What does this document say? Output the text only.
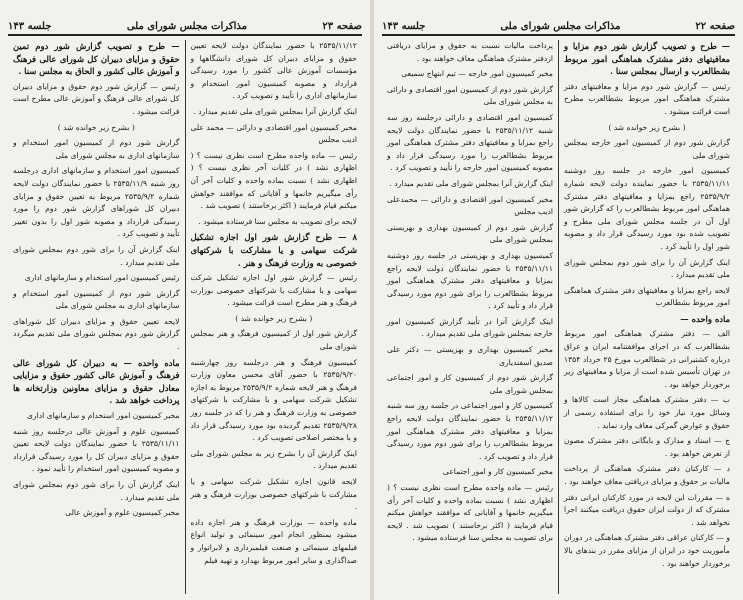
صفحه ۲۳
مذاکرات مجلس شورای ملی
جلسه ۱۴۳

۲۵۳۵/۱۱/۱۲ با حضور نمایندگان دولت لایحه تعیین حقوق و مزایای دبیران کل شورای دانشگاهها و مؤسسات آموزش عالی کشور را مورد رسیدگی قرارداد و مصوبه کمیسیون امور استخدام و سازمانهای اداری را تأیید و تصویب کرد .

اینک گزارش آنرا بمجلس شورای ملی تقدیم میدارد .

مخبر کمیسیون امور اقتصادی و دارائی — محمد علی ادیب مجلس

رئیس — ماده واحده مطرح است نظری نیست ؟ ( اظهاری نشد ) در کلیات آخر نظری نیست ؟ ( اظهاری نشد ) نسبت بماده واحده و کلیات آخر آن رأی میگیریم خانمها و آقایانی که موافقند خواهش میکنم قیام فرمایند ( اکثر برخاستند ) تصویب شد .

لایحه برای تصویب به مجلس سنا فرستاده میشود .

۸ — طرح گزارش شور اول اجازه تشکیل شرکت سهامی و یا مشارکت با شرکتهای خصوصی به وزارت فرهنگ و هنر .

رئیس — گزارش شور اول اجازه تشکیل شرکت سهامی و یا مشارکت با شرکتهای خصوصی بوزارت فرهنگ و هنر مطرح است قرائت میشود .

( بشرح زیر خوانده شد )

گزارش شور اول از کمیسیون فرهنگ و هنر بمجلس شورای ملی

کمیسیون فرهنگ و هنر درجلسه روز چهارشنبه ۲۵۳۵/۹/۲۰ با حضور آقای محسن معاون وزارت فرهنگ و هنر لایحه شماره ۲۵۳۵/۹/۲ مربوط به اجازه تشکیل شرکت سهامی و یا مشارکت با شرکتهای خصوصی به وزارت فرهنگ و هنر را که در جلسه روز ۲۵۳۵/۹/۲۸ تقدیم گردیده بود مورد رسیدگی قرار داد و با مختصر اصلاحی تصویب کرد .

اینک گزارش آن را بشرح زیر به مجلس شورای ملی تقدیم میدارد .

لایحه قانون اجازه تشکیل شرکت سهامی و یا مشارکت با شرکتهای خصوصی بوزارت فرهنگ و هنر .

ماده واحده — بوزارت فرهنگ و هنر اجازه داده میشود بمنظور انجام امور سینمائی و تولید انواع فیلمهای سینمائی و صنعت فیلمبرداری و لابراتوار و صداگذاری و سایر امور مربوط بهدارد و تهیه فیلم

— طرح و تصویب گزارش شور دوم تمین حقوق و مزایای دبیران کل شورای عالی فرهنگ و آموزش عالی کشور و الحاق به مجلس سنا .

رئیس — گزارش شور دوم حقوق و مزایای دبیران کل شورای عالی فرهنگ و آموزش عالی مطرح است قرائت میشود .

( بشرح زیر خوانده شد )

گزارش شور دوم از کمیسیون امور استخدام و سازمانهای اداری به مجلس شورای ملی

کمیسیون امور استخدام و سازمانهای اداری درجلسه روز شنبه ۲۵۳۵/۱۱/۹ با حضور نمایندگان دولت لایحه شماره ۲۵۳۵/۹/۲ مربوط به تعیین حقوق و مزایای دبیران کل شوراهای گزارش شور دوم را مورد رسیدگی قرارداد و مصوبه شور اول را بدون تغییر تأیید و تصویب کرد .

اینک گزارش آن را برای شور دوم بمجلس شورای ملی تقدیم میدارد .

رئیس کمیسیون امور استخدام و سازمانهای اداری

گزارش شور دوم از کمیسیون امور استخدام و سازمانهای اداری به مجلس شورای ملی

لایحه تعیین حقوق و مزایای دبیران کل شوراهای گزارش شور دوم بمجلس شورای ملی تقدیم میگردد .

ماده واحده — به دبیران کل شورای عالی فرهنگ و آموزش عالی کشور حقوق و مزایایی معادل حقوق و مزایای معاونین وزارتخانه ها پرداخت خواهد شد .

مخبر کمیسیون امور استخدام و سازمانهای اداری

کمیسیون علوم و آموزش عالی درجلسه روز شنبه ۲۵۳۵/۱۱/۱۱ با حضور نمایندگان دولت لایحه تعیین حقوق و مزایای دبیران کل را مورد رسیدگی قرارداد و مصوبه کمیسیون امور استخدام را تأیید نمود .

اینک گزارش آن را برای شور دوم بمجلس شورای ملی تقدیم میدارد .

مخبر کمیسیون علوم و آموزش عالی

صفحه ۲۲
مذاکرات مجلس شورای ملی
جلسه ۱۴۳

— طرح و تصویب گزارش شور دوم مزایا و معافیتهای دفتر مشترک هماهنگی امور مربوط بشطالعرب و ارسال بمجلس سنا .

رئیس — گزارش شور دوم مزایا و معافیتهای دفتر مشترک هماهنگی امور مربوط بشطالعرب مطرح است قرائت میشود .

( بشرح زیر خوانده شد )

گزارش شور دوم از کمیسیون امور خارجه بمجلس شورای ملی

کمیسیون امور خارجه در جلسه روز دوشنبه ۲۵۳۵/۱۱/۱۱ با حضور نماینده دولت لایحه شماره ۲۵۳۵/۹/۲ راجع بمزایا و معافیتهای دفتر مشترک هماهنگی امور مربوط بشطالعرب را که گزارش شور اول آن در جلسه مجلس شورای ملی مطرح و تصویب شده بود مورد رسیدگی قرار داد و مصوبه شور اول را تأیید کرد .

اینک گزارش آن را برای شور دوم بمجلس شورای ملی تقدیم میدارد .

لایحه راجع بمزایا و معافیتهای دفتر مشترک هماهنگی امور مربوط بشطالعرب

ماده واحده —

الف — دفتر مشترک هماهنگی امور مربوط بشطالعرب که در اجرای موافقتنامه ایران و عراق درباره کشتیرانی در شطالعرب مورخ ۲۵ خرداد ۱۳۵۴ در تهران تأسیس شده است از مزایا و معافیتهای زیر برخوردار خواهد بود .

ب — دفتر مشترک هماهنگی مجاز است کالاها و وسائل مورد نیاز خود را برای استفاده رسمی از حقوق و عوارض گمرکی معاف وارد نماید .

ج — اسناد و مدارک و بایگانی دفتر مشترک مصون از تعرض خواهد بود .

د — کارکنان دفتر مشترک هماهنگی از پرداخت مالیات بر حقوق و مزایای دریافتی معاف خواهند بود .

ه — مقررات این لایحه در مورد کارکنان ایرانی دفتر مشترک که از دولت ایران حقوق دریافت میکنند اجرا نخواهد شد .

و — کارکنان عراقی دفتر مشترک هماهنگی در دوران مأموریت خود در ایران از مزایای مقرر در بندهای بالا برخوردار خواهند بود .

پرداخت مالیات نسبت به حقوق و مزایای دریافتی ازدفتر مشترک هماهنگی معاف خواهند بود .

مخبر کمیسیون امور خارجه — تیم ابتهاج سمیعی

گزارش شور دوم از کمیسیون امور اقتصادی و دارائی به مجلس شورای ملی

کمیسیون امور اقتصادی و دارائی درجلسه روز سه شنبه ۲۵۳۵/۱۱/۱۲ با حضور نمایندگان دولت لایحه راجع بمزایا و معافیتهای دفتر مشترک هماهنگی امور مربوط بشطالعرب را مورد رسیدگی قرار داد و مصوبه کمیسیون امور خارجه را تأیید و تصویب کرد .

اینک گزارش آنرا بمجلس شورای ملی تقدیم میدارد .

مخبر کمیسیون امور اقتصادی و دارائی — محمدعلی ادیب مجلس

گزارش شور دوم از کمیسیون بهداری و بهزیستی بمجلس شورای ملی

کمیسیون بهداری و بهزیستی در جلسه روز دوشنبه ۲۵۳۵/۱۱/۱۱ با حضور نمایندگان دولت لایحه راجع بمزایا و معافیتهای دفتر مشترک هماهنگی امور مربوط بشطالعرب را برای شور دوم مورد رسیدگی قرار داد و تأیید کرد .

اینک گزارش آنرا در تأیید گزارش کمیسیون امور خارجه بمجلس شورای ملی تقدیم میدارد .

مخبر کمیسیون بهداری و بهزیستی — دکتر علی صدیق اسفندیاری

گزارش شور دوم از کمیسیون کار و امور اجتماعی بمجلس شورای ملی

کمیسیون کار و امور اجتماعی در جلسه روز سه شنبه ۲۵۳۵/۱۱/۱۲ با حضور نمایندگان دولت لایحه راجع بمزایا و معافیتهای دفتر مشترک هماهنگی امور مربوط بشطالعرب را برای شور دوم مورد رسیدگی قرار داد و تصویب کرد .

مخبر کمیسیون کار و امور اجتماعی

رئیس — ماده واحده مطرح است نظری نیست ؟ ( اظهاری نشد ) نسبت بماده واحده و کلیات آخر رأی میگیریم خانمها و آقایانی که موافقند خواهش میکنم قیام فرمایند ( اکثر برخاستند ) تصویب شد . لایحه برای تصویب به مجلس سنا فرستاده میشود .
